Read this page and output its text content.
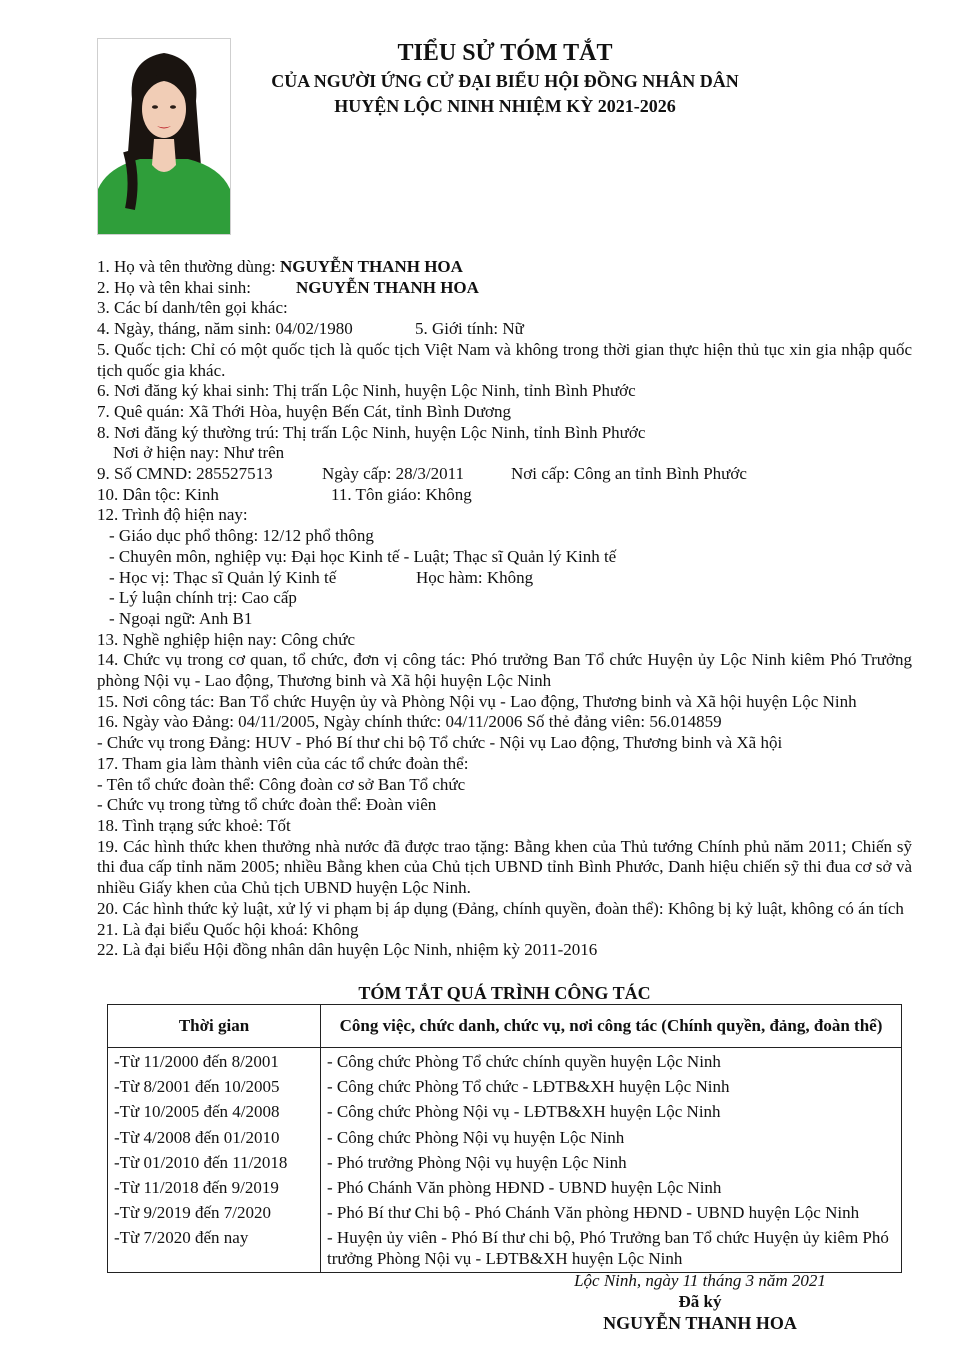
TIỂU SỬ TÓM TẮT
CỦA NGƯỜI ỨNG CỬ ĐẠI BIỂU HỘI ĐỒNG NHÂN DÂN
HUYỆN LỘC NINH NHIỆM KỲ 2021-2026
1. Họ và tên thường dùng: NGUYỄN THANH HOA
2. Họ và tên khai sinh:	NGUYỄN THANH HOA
3. Các bí danh/tên gọi khác:
4. Ngày, tháng, năm sinh: 04/02/1980	5. Giới tính: Nữ
5. Quốc tịch: Chỉ có một quốc tịch là quốc tịch Việt Nam và không trong thời gian thực hiện thủ tục xin gia nhập quốc tịch quốc gia khác.
6. Nơi đăng ký khai sinh: Thị trấn Lộc Ninh, huyện Lộc Ninh, tỉnh Bình Phước
7. Quê quán: Xã Thới Hòa, huyện Bến Cát, tỉnh Bình Dương
8. Nơi đăng ký thường trú: Thị trấn Lộc Ninh, huyện Lộc Ninh, tỉnh Bình Phước
Nơi ở hiện nay: Như trên
9. Số CMND: 285527513	Ngày cấp: 28/3/2011	Nơi cấp: Công an tỉnh Bình Phước
10. Dân tộc: Kinh	11. Tôn giáo: Không
12. Trình độ hiện nay:
- Giáo dục phổ thông: 12/12 phổ thông
- Chuyên môn, nghiệp vụ: Đại học Kinh tế - Luật; Thạc sĩ Quản lý Kinh tế
- Học vị: Thạc sĩ Quản lý Kinh tế	Học hàm: Không
- Lý luận chính trị: Cao cấp
- Ngoại ngữ: Anh B1
13. Nghề nghiệp hiện nay: Công chức
14. Chức vụ trong cơ quan, tổ chức, đơn vị công tác: Phó trưởng Ban Tổ chức Huyện ủy Lộc Ninh kiêm Phó Trưởng phòng Nội vụ - Lao động, Thương binh và Xã hội huyện Lộc Ninh
15. Nơi công tác: Ban Tổ chức Huyện ủy và Phòng Nội vụ - Lao động, Thương binh và Xã hội huyện Lộc Ninh
16. Ngày vào Đảng: 04/11/2005, Ngày chính thức: 04/11/2006 Số thẻ đảng viên: 56.014859
- Chức vụ trong Đảng: HUV - Phó Bí thư chi bộ Tổ chức - Nội vụ Lao động, Thương binh và Xã hội
17. Tham gia làm thành viên của các tổ chức đoàn thể:
- Tên tổ chức đoàn thể: Công đoàn cơ sở Ban Tổ chức
- Chức vụ trong từng tổ chức đoàn thể: Đoàn viên
18. Tình trạng sức khoẻ: Tốt
19. Các hình thức khen thưởng nhà nước đã được trao tặng: Bằng khen của Thủ tướng Chính phủ năm 2011; Chiến sỹ thi đua cấp tỉnh năm 2005; nhiều Bằng khen của Chủ tịch UBND tỉnh Bình Phước, Danh hiệu chiến sỹ thi đua cơ sở và nhiều Giấy khen của Chủ tịch UBND huyện Lộc Ninh.
20. Các hình thức kỷ luật, xử lý vi phạm bị áp dụng (Đảng, chính quyền, đoàn thể): Không bị kỷ luật, không có án tích
21. Là đại biểu Quốc hội khoá: Không
22. Là đại biểu Hội đồng nhân dân huyện Lộc Ninh, nhiệm kỳ 2011-2016
TÓM TẮT QUÁ TRÌNH CÔNG TÁC
Thời gian	Công việc, chức danh, chức vụ, nơi công tác (Chính quyền, đảng, đoàn thể)
-Từ 11/2000 đến 8/2001	- Công chức Phòng Tổ chức chính quyền huyện Lộc Ninh
-Từ 8/2001 đến 10/2005	- Công chức Phòng Tổ chức - LĐTB&XH huyện Lộc Ninh
-Từ 10/2005 đến 4/2008	- Công chức Phòng Nội vụ - LĐTB&XH huyện Lộc Ninh
-Từ 4/2008 đến 01/2010	- Công chức Phòng Nội vụ huyện Lộc Ninh
-Từ 01/2010 đến 11/2018	- Phó trưởng Phòng Nội vụ huyện Lộc Ninh
-Từ 11/2018 đến 9/2019	- Phó Chánh Văn phòng HĐND - UBND huyện Lộc Ninh
-Từ 9/2019 đến 7/2020	- Phó Bí thư Chi bộ - Phó Chánh Văn phòng HĐND - UBND huyện Lộc Ninh
-Từ 7/2020 đến nay	- Huyện ủy viên - Phó Bí thư chi bộ, Phó Trưởng ban Tổ chức Huyện ủy kiêm Phó trưởng Phòng Nội vụ - LĐTB&XH huyện Lộc Ninh
Lộc Ninh, ngày 11 tháng 3 năm 2021
Đã ký
NGUYỄN THANH HOA
